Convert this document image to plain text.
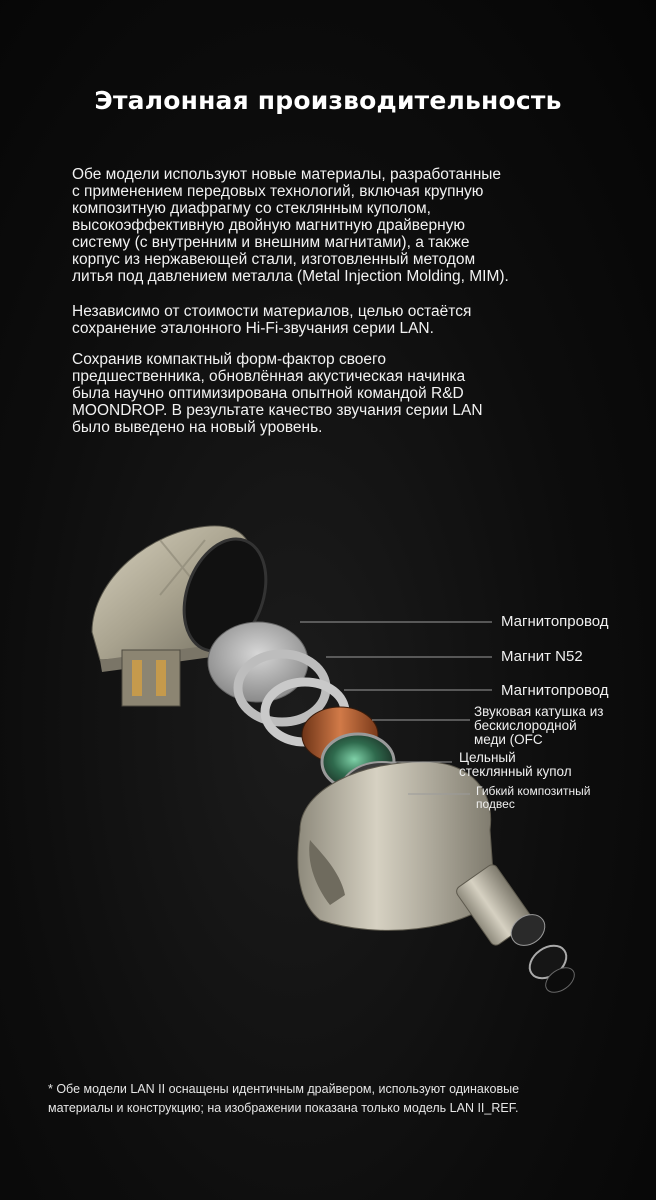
Эталонная производительность

Обе модели используют новые материалы, разработанные
с применением передовых технологий, включая крупную
композитную диафрагму со стеклянным куполом,
высокоэффективную двойную магнитную драйверную
систему (с внутренним и внешним магнитами), а также
корпус из нержавеющей стали, изготовленный методом
литья под давлением металла (Metal Injection Molding, MIM).

Независимо от стоимости материалов, целью остаётся
сохранение эталонного Hi-Fi-звучания серии LAN.

Сохранив компактный форм-фактор своего
предшественника, обновлённая акустическая начинка
была научно оптимизирована опытной командой R&D
MOONDROP. В результате качество звучания серии LAN
было выведено на новый уровень.

Магнитопровод
Магнит N52
Магнитопровод
Звуковая катушка из
бескислородной
меди (OFC
Цельный
стеклянный купол
Гибкий композитный
подвес
* Обе модели LAN II оснащены идентичным драйвером, используют одинаковые
материалы и конструкцию; на изображении показана только модель LAN II_REF.
